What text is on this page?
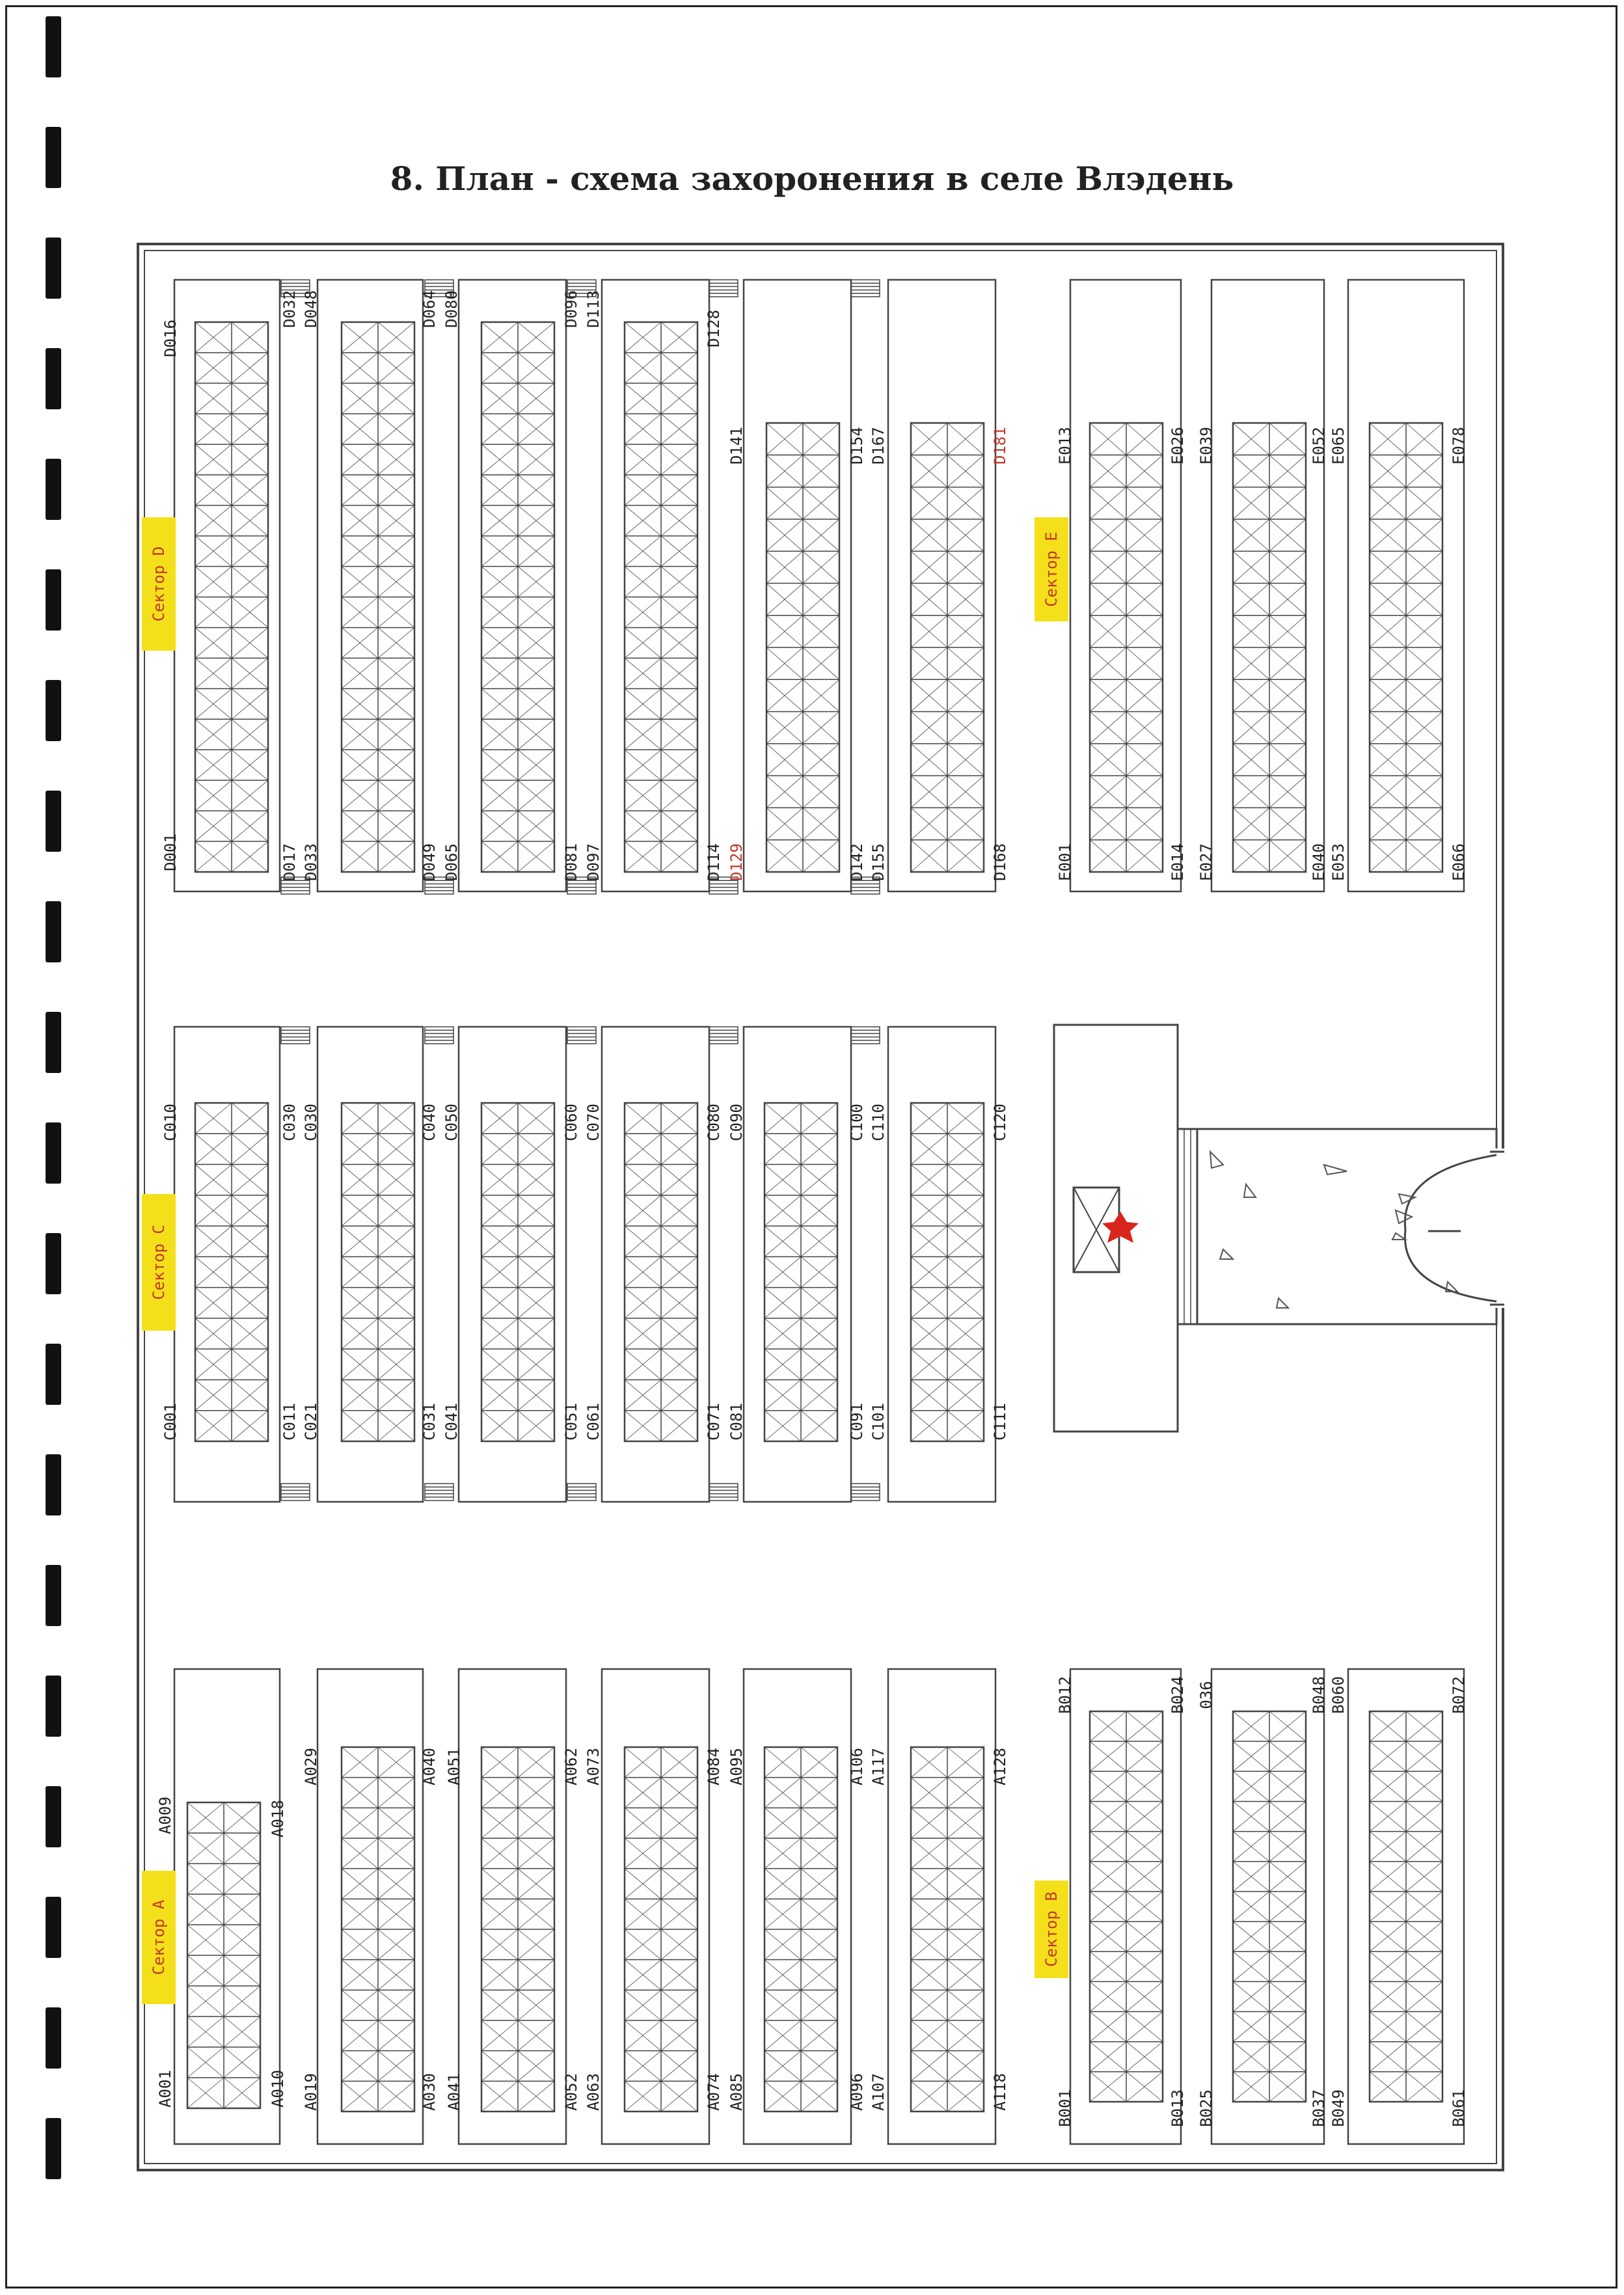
8. План - схема захоронения в селе Влэдень
Сектор D	Сектор E
Сектор C
Сектор A	Сектор B
D001
D016
D017
D032
D033
D048
D049
D064
D065
D080
D081
D096
D097
D113
D114
D128
D129
D141
D142
D154
D155
D167
D168
D181
E001
E013
E014
E026
E027
E039
E040
E052
E053
E065
E066
E078
C001
C010
C011
C030
C021
C030
C031
C040
C041
C050
C051
C060
C061
C070
C071
C080
C081
C090
C091
C100
C101
C110
C111
C120
A001
A009
A010
A018
A019
A029
A030
A040
A041
A051
A052
A062
A063
A073
A074
A084
A085
A095
A096
A106
A107
A117
A118
A128
B001
B012
B013
B024
B025
036
B037
B048
B049
B060
B061
B072
